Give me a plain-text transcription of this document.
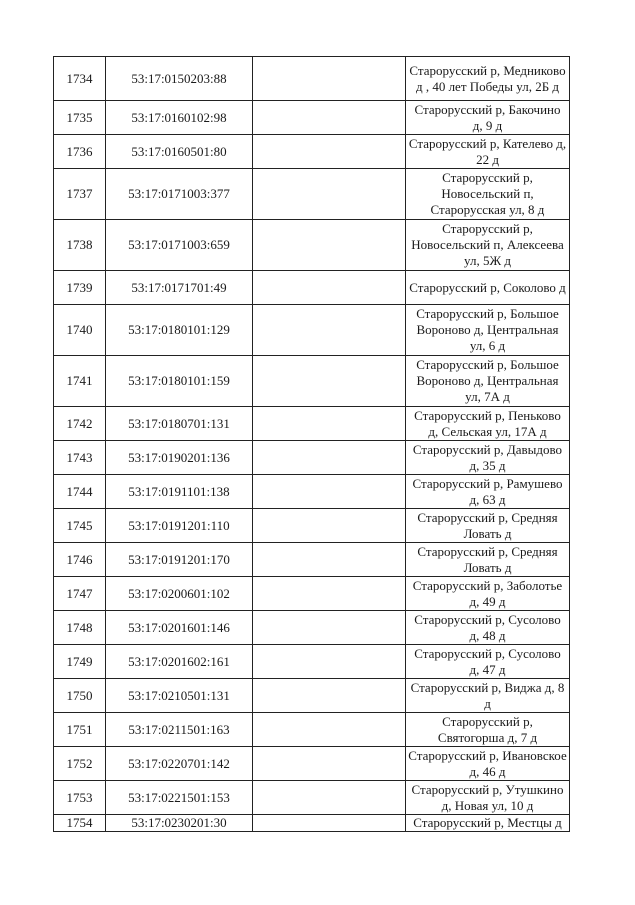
1734	53:17:0150203:88		Старорусский р, Медниково д , 40 лет Победы ул, 2Б д
1735	53:17:0160102:98		Старорусский р, Бакочино д, 9 д
1736	53:17:0160501:80		Старорусский р, Кателево д, 22 д
1737	53:17:0171003:377		Старорусский р, Новосельский п, Старорусская ул, 8 д
1738	53:17:0171003:659		Старорусский р, Новосельский п, Алексеева ул, 5Ж д
1739	53:17:0171701:49		Старорусский р, Соколово д
1740	53:17:0180101:129		Старорусский р, Большое Вороново д, Центральная ул, 6 д
1741	53:17:0180101:159		Старорусский р, Большое Вороново д, Центральная ул, 7А д
1742	53:17:0180701:131		Старорусский р, Пеньково д, Сельская ул, 17А д
1743	53:17:0190201:136		Старорусский р, Давыдово д, 35 д
1744	53:17:0191101:138		Старорусский р, Рамушево д, 63 д
1745	53:17:0191201:110		Старорусский р, Средняя Ловать д
1746	53:17:0191201:170		Старорусский р, Средняя Ловать д
1747	53:17:0200601:102		Старорусский р, Заболотье д, 49 д
1748	53:17:0201601:146		Старорусский р, Сусолово д, 48 д
1749	53:17:0201602:161		Старорусский р, Сусолово д, 47 д
1750	53:17:0210501:131		Старорусский р, Виджа д, 8 д
1751	53:17:0211501:163		Старорусский р, Святогорша д, 7 д
1752	53:17:0220701:142		Старорусский р, Ивановское д, 46 д
1753	53:17:0221501:153		Старорусский р, Утушкино д, Новая ул, 10 д
1754	53:17:0230201:30		Старорусский р, Местцы д
